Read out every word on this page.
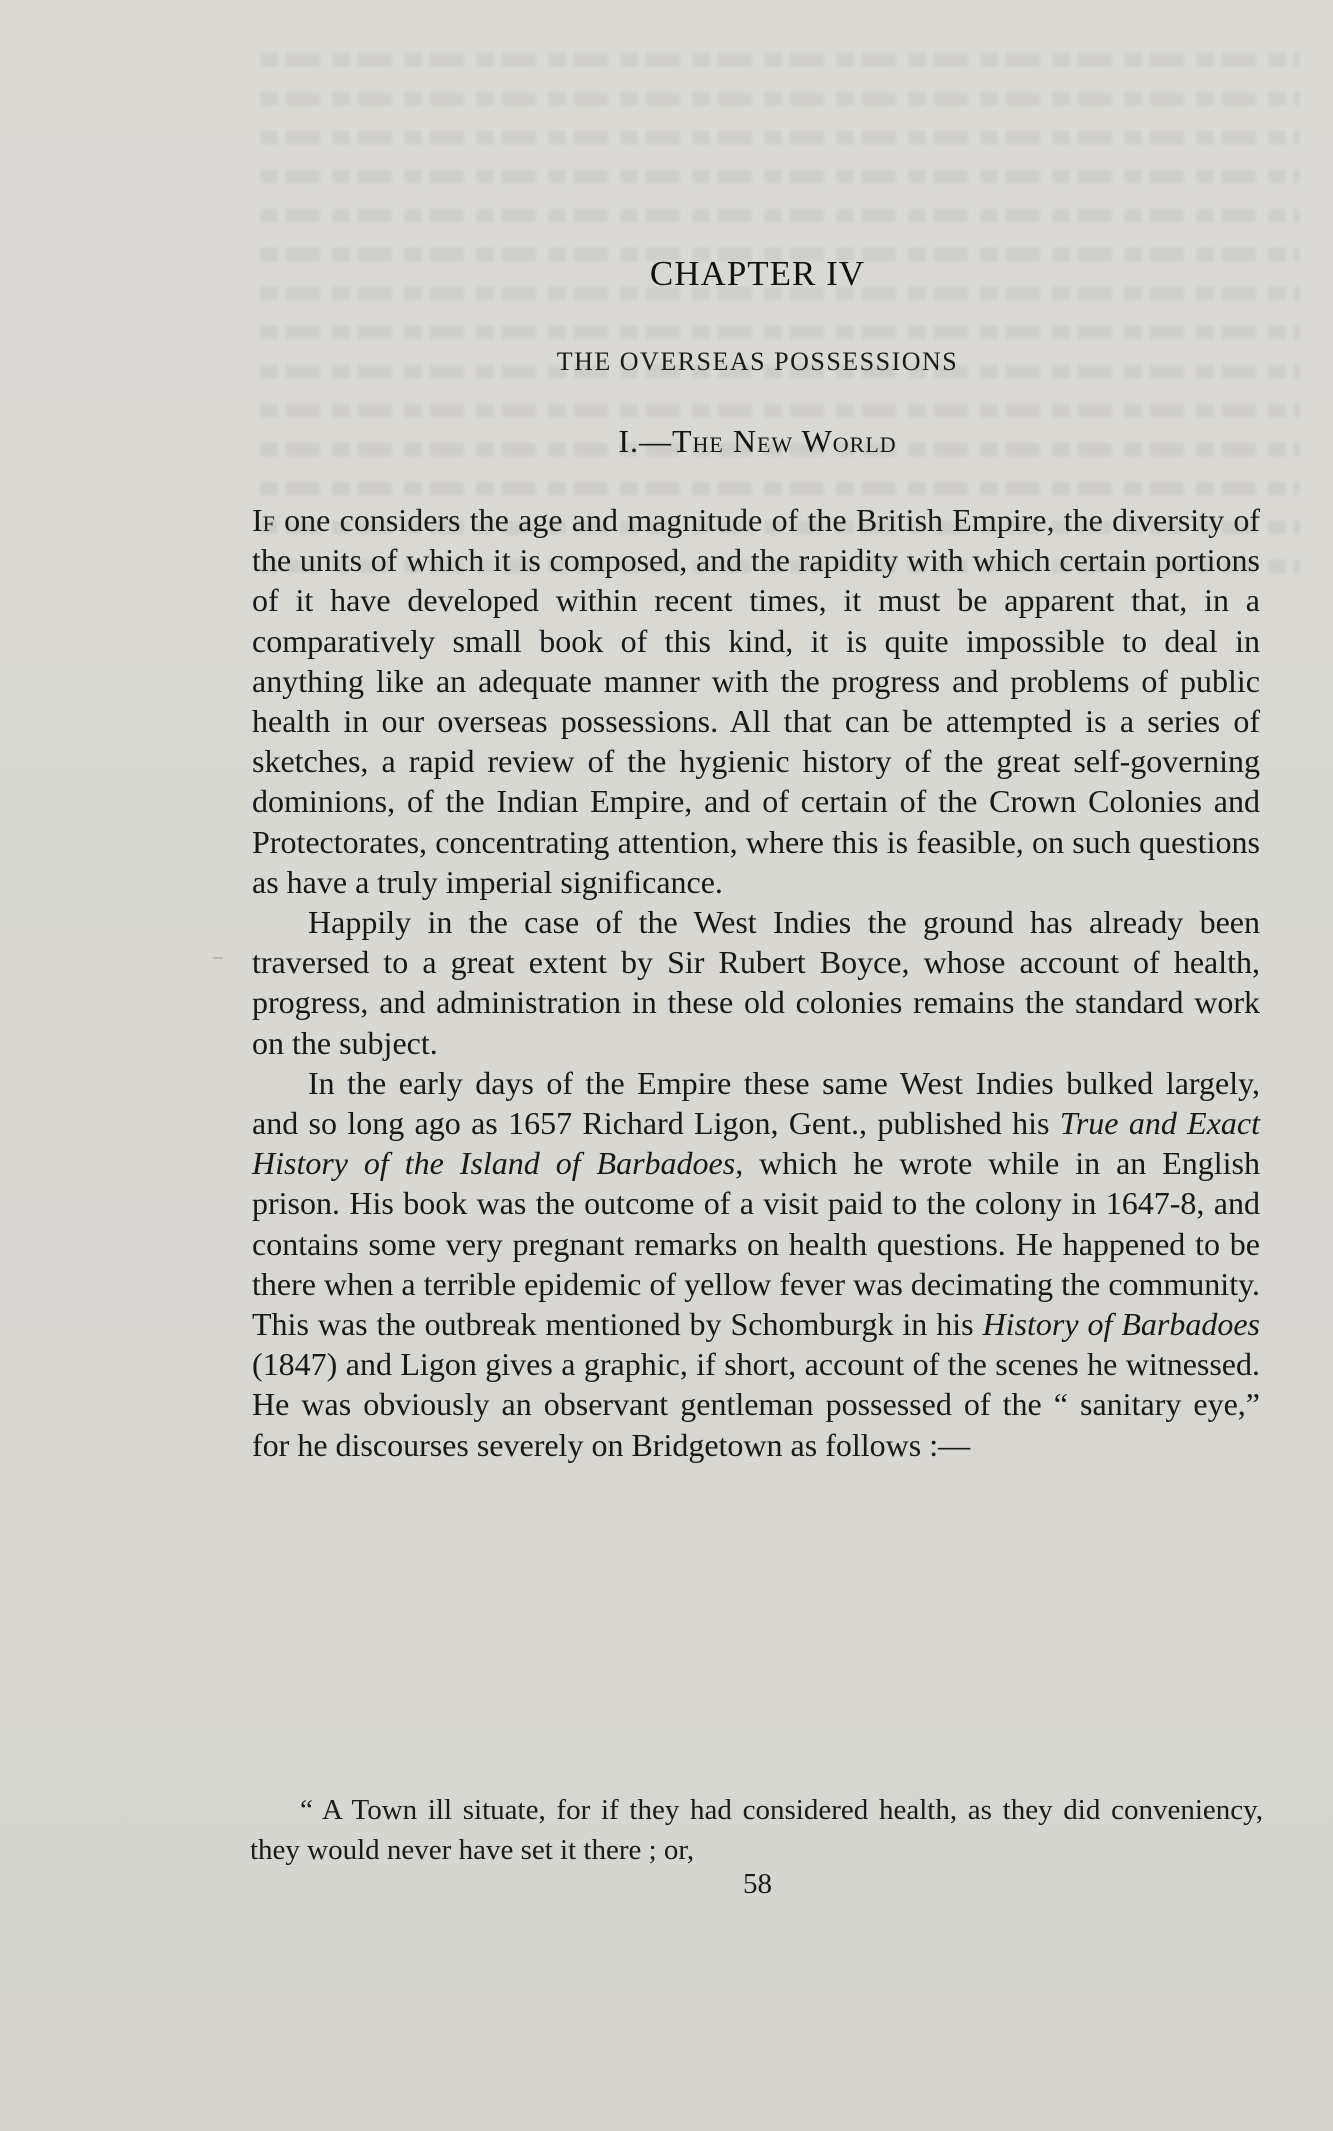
CHAPTER IV
THE OVERSEAS POSSESSIONS
I.—The New World

If one considers the age and magnitude of the British Empire, the diversity of the units of which it is composed, and the rapidity with which certain portions of it have developed within recent times, it must be apparent that, in a comparatively small book of this kind, it is quite impossible to deal in anything like an adequate manner with the progress and problems of public health in our overseas possessions. All that can be attempted is a series of sketches, a rapid review of the hygienic history of the great self-governing dominions, of the Indian Empire, and of certain of the Crown Colonies and Protectorates, concentrating attention, where this is feasible, on such questions as have a truly imperial significance.

Happily in the case of the West Indies the ground has already been traversed to a great extent by Sir Rubert Boyce, whose account of health, progress, and administration in these old colonies remains the standard work on the subject.

In the early days of the Empire these same West Indies bulked largely, and so long ago as 1657 Richard Ligon, Gent., published his True and Exact History of the Island of Barbadoes, which he wrote while in an English prison. His book was the outcome of a visit paid to the colony in 1647-8, and contains some very pregnant remarks on health questions. He happened to be there when a terrible epidemic of yellow fever was decimating the community. This was the outbreak mentioned by Schomburgk in his History of Barbadoes (1847) and Ligon gives a graphic, if short, account of the scenes he witnessed. He was obviously an observant gentleman possessed of the “ sanitary eye,” for he discourses severely on Bridgetown as follows :—

“ A Town ill situate, for if they had considered health, as they did conveniency, they would never have set it there ; or,

58
